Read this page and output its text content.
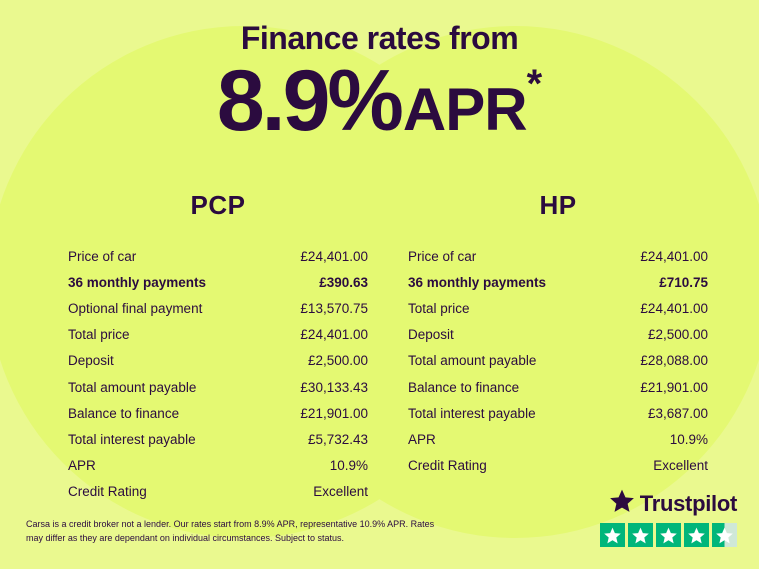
Finance rates from
8.9%APR*
PCP
Price of car	£24,401.00
36 monthly payments	£390.63
Optional final payment	£13,570.75
Total price	£24,401.00
Deposit	£2,500.00
Total amount payable	£30,133.43
Balance to finance	£21,901.00
Total interest payable	£5,732.43
APR	10.9%
Credit Rating	Excellent
HP
Price of car	£24,401.00
36 monthly payments	£710.75
Total price	£24,401.00
Deposit	£2,500.00
Total amount payable	£28,088.00
Balance to finance	£21,901.00
Total interest payable	£3,687.00
APR	10.9%
Credit Rating	Excellent
Carsa is a credit broker not a lender. Our rates start from 8.9% APR, representative 10.9% APR. Rates may differ as they are dependant on individual circumstances. Subject to status.
Trustpilot
